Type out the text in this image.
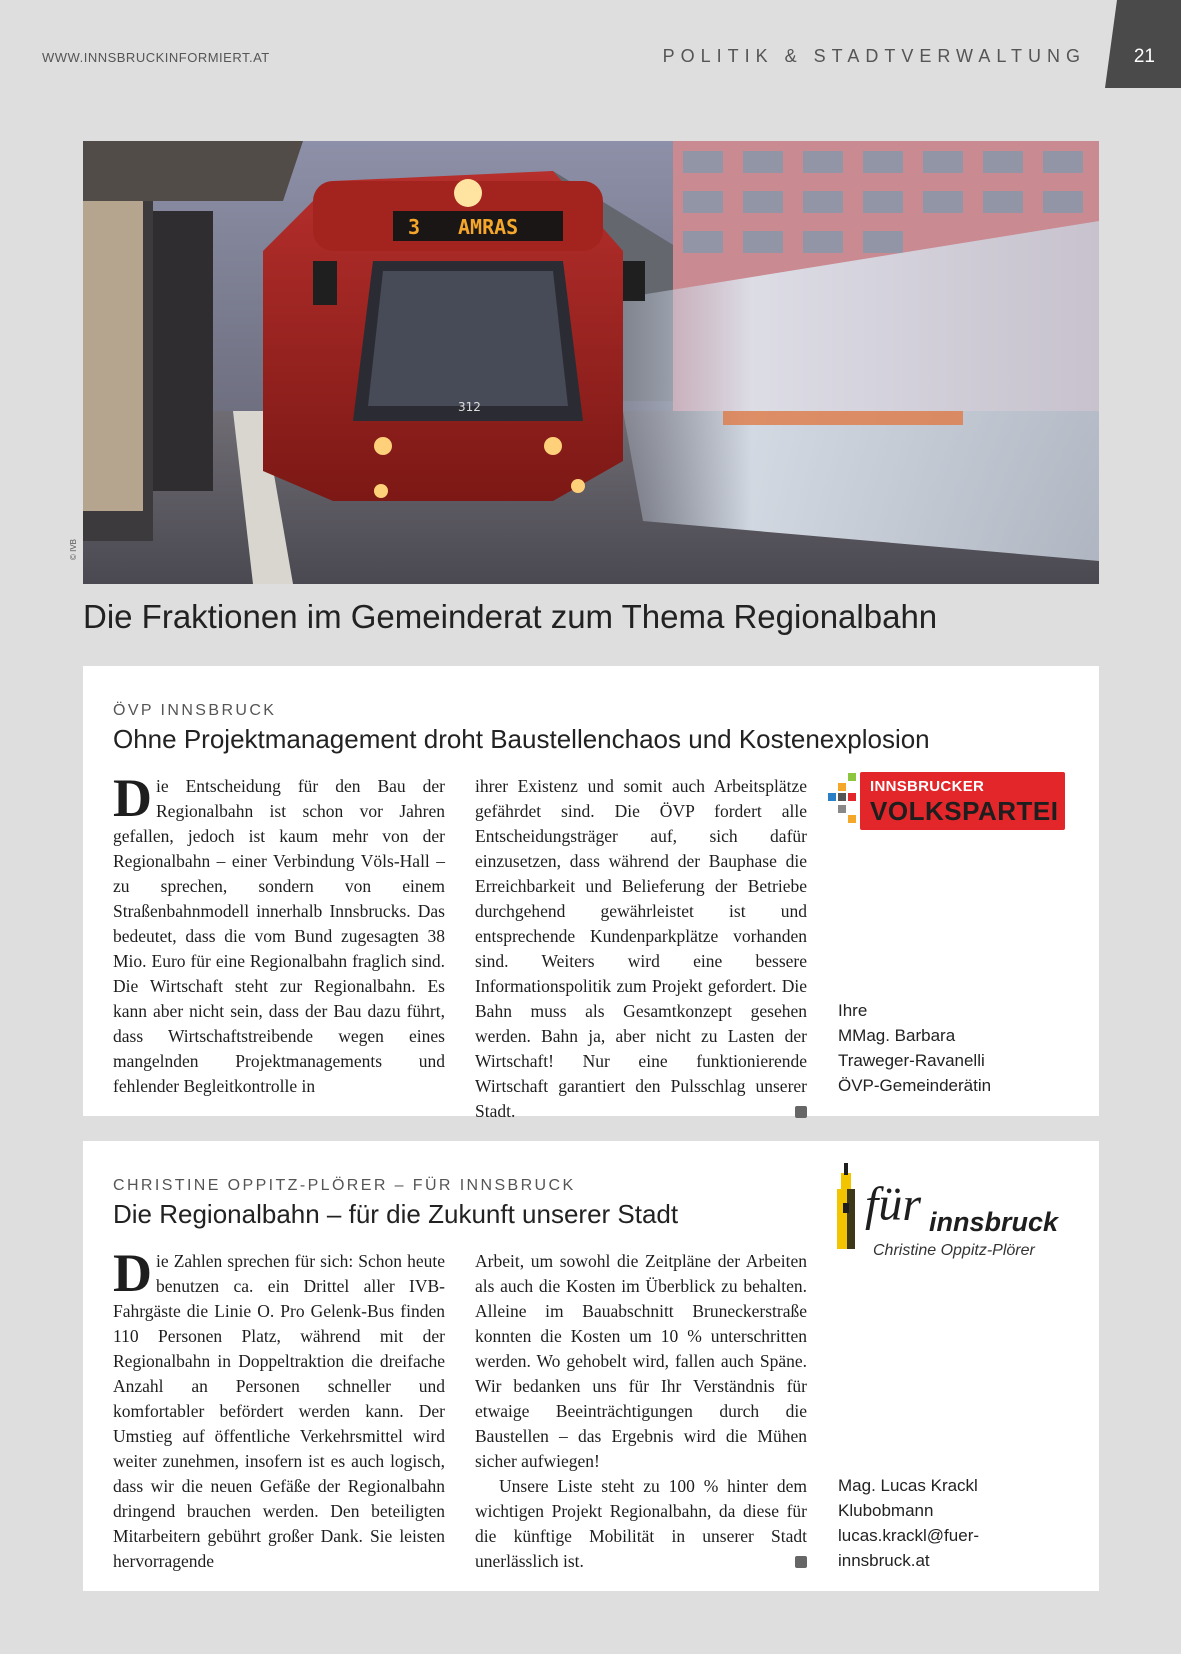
WWW.INNSBRUCKINFORMIERT.AT	POLITIK & STADTVERWALTUNG	21
3 AMRAS
312
© IVB
Die Fraktionen im Gemeinderat zum Thema Regionalbahn
ÖVP INNSBRUCK
Ohne Projektmanagement droht Baustellenchaos und Kostenexplosion

Die Entscheidung für den Bau der Regionalbahn ist schon vor Jahren gefallen, jedoch ist kaum mehr von der Regionalbahn – einer Verbindung Völs-Hall – zu sprechen, sondern von einem Straßenbahnmodell innerhalb Innsbrucks. Das bedeutet, dass die vom Bund zugesagten 38 Mio. Euro für eine Regionalbahn fraglich sind. Die Wirtschaft steht zur Regionalbahn. Es kann aber nicht sein, dass der Bau dazu führt, dass Wirtschaftstreibende wegen eines mangelnden Projektmanagements und fehlender Begleitkontrolle in

ihrer Existenz und somit auch Arbeitsplätze gefährdet sind. Die ÖVP fordert alle Entscheidungsträger auf, sich dafür einzusetzen, dass während der Bauphase die Erreichbarkeit und Belieferung der Betriebe durchgehend gewährleistet ist und entsprechende Kundenparkplätze vorhanden sind. Weiters wird eine bessere Informationspolitik zum Projekt gefordert. Die Bahn muss als Gesamtkonzept gesehen werden. Bahn ja, aber nicht zu Lasten der Wirtschaft! Nur eine funktionierende Wirtschaft garantiert den Pulsschlag unserer Stadt.

INNSBRUCKER
VOLKSPARTEI
Ihre
MMag. Barbara
Traweger-Ravanelli
ÖVP-Gemeinderätin
CHRISTINE OPPITZ-PLÖRER – FÜR INNSBRUCK
Die Regionalbahn – für die Zukunft unserer Stadt

Die Zahlen sprechen für sich: Schon heute benutzen ca. ein Drittel aller IVB-Fahrgäste die Linie O. Pro Gelenk-Bus finden 110 Personen Platz, während mit der Regionalbahn in Doppeltraktion die dreifache Anzahl an Personen schneller und komfortabler befördert werden kann. Der Umstieg auf öffentliche Verkehrsmittel wird weiter zunehmen, insofern ist es auch logisch, dass wir die neuen Gefäße der Regionalbahn dringend brauchen werden. Den beteiligten Mitarbeitern gebührt großer Dank. Sie leisten hervorragende

Arbeit, um sowohl die Zeitpläne der Arbeiten als auch die Kosten im Überblick zu behalten. Alleine im Bauabschnitt Bruneckerstraße konnten die Kosten um 10 % unterschritten werden. Wo gehobelt wird, fallen auch Späne. Wir bedanken uns für Ihr Verständnis für etwaige Beeinträchtigungen durch die Baustellen – das Ergebnis wird die Mühen sicher aufwiegen!

Unsere Liste steht zu 100 % hinter dem wichtigen Projekt Regionalbahn, da diese für die künftige Mobilität in unserer Stadt unerlässlich ist.

für innsbruck
Christine Oppitz-Plörer
Mag. Lucas Krackl
Klubobmann
lucas.krackl@fuer-
innsbruck.at
